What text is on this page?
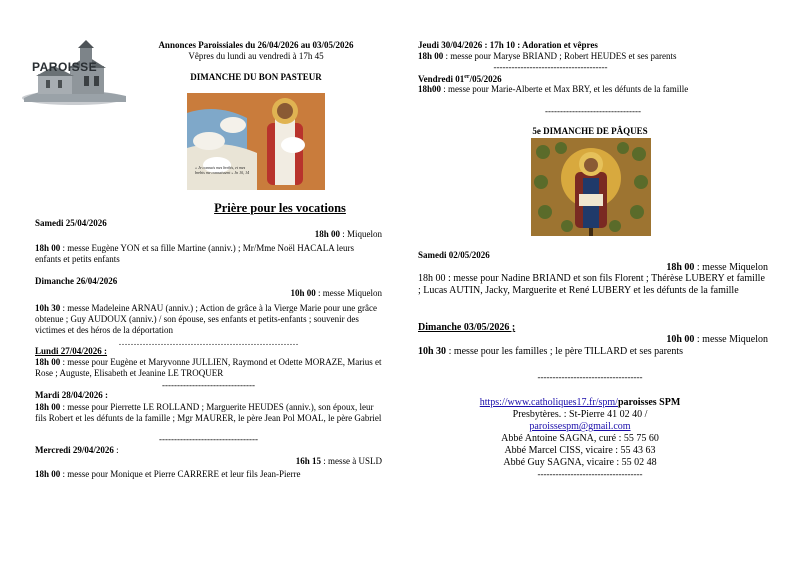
PAROISSE
Annonces Paroissiales du 26/04/2026 au 03/05/2026
Vêpres du lundi au vendredi à 17h 45
DIMANCHE DU BON PASTEUR
« Je connais mes brebis, et mes brebis me connaissent » Jn 10, 14
Prière pour les vocations
Samedi 25/04/2026
18h 00 : Miquelon
18h 00 : messe Eugène YON et sa fille Martine (anniv.) ; Mr/Mme Noël HACALA leurs enfants et petits enfants
Dimanche 26/04/2026
10h 00 : messe Miquelon
10h 30 : messe Madeleine ARNAU (anniv.) ; Action de grâce à la Vierge Marie pour une grâce obtenue ; Guy AUDOUX (anniv.) / son épouse, ses enfants et petits-enfants ; souvenir des victimes et des héros de la déportation
……………………………………………………
Lundi 27/04/2026 :
18h 00 : messe pour Eugène et Maryvonne JULLIEN, Raymond et Odette MORAZE, Marius et Rose ; Auguste, Elisabeth et Jeanine LE TROQUER
-------------------------------
Mardi 28/04/2026 :
18h 00 : messe pour Pierrette LE ROLLAND ; Marguerite HEUDES (anniv.), son époux, leur fils Robert et les défunts de la famille ; Mgr MAURER, le père Jean Pol MOAL, le père Gabriel
---------------------------------
Mercredi 29/04/2026 :
16h 15 : messe à USLD
18h 00 : messe pour Monique et Pierre CARRERE et leur fils Jean-Pierre
Jeudi 30/04/2026 : 17h 10 : Adoration et vêpres
18h 00 : messe pour Maryse BRIAND ; Robert HEUDES et ses parents
--------------------------------------
Vendredi 01er/05/2026
18h00 : messe pour Marie-Alberte et Max BRY, et les défunts de la famille
--------------------------------
5e DIMANCHE DE PÂQUES
Samedi 02/05/2026
18h 00 : messe Miquelon
18h 00 : messe pour Nadine BRIAND et son fils Florent ; Thérèse LUBERY et famille ; Lucas AUTIN, Jacky, Marguerite et René LUBERY et les défunts de la famille
Dimanche 03/05/2026 ;
10h 00 : messe Miquelon
10h 30 : messe pour les familles ; le père TILLARD et ses parents
-----------------------------------
https://www.catholiques17.fr/spm/paroisses SPM
Presbytères. : St-Pierre 41 02 40 /
paroissespm@gmail.com
Abbé Antoine SAGNA, curé : 55 75 60
Abbé Marcel CISS, vicaire : 55 43 63
Abbé Guy SAGNA, vicaire : 55 02 48
-----------------------------------
